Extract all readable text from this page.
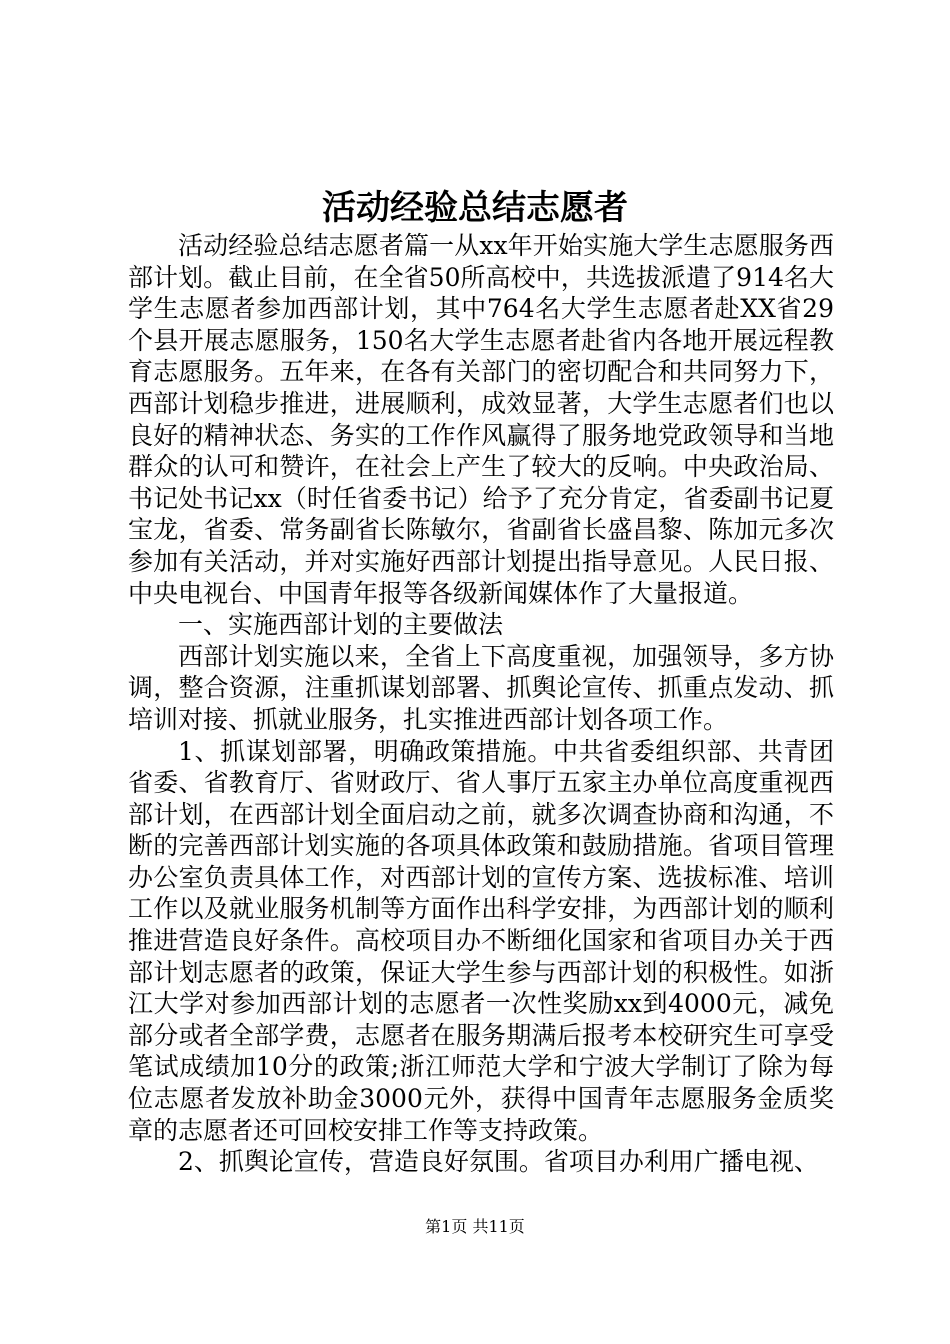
活动经验总结志愿者

活动经验总结志愿者篇一从xx年开始实施大学生志愿服务西部计划。截止目前，在全省50所高校中，共选拔派遣了914名大学生志愿者参加西部计划，其中764名大学生志愿者赴XX省29个县开展志愿服务，150名大学生志愿者赴省内各地开展远程教育志愿服务。五年来，在各有关部门的密切配合和共同努力下，西部计划稳步推进，进展顺利，成效显著，大学生志愿者们也以良好的精神状态、务实的工作作风赢得了服务地党政领导和当地群众的认可和赞许，在社会上产生了较大的反响。中央政治局、书记处书记xx（时任省委书记）给予了充分肯定，省委副书记夏宝龙，省委、常务副省长陈敏尔，省副省长盛昌黎、陈加元多次参加有关活动，并对实施好西部计划提出指导意见。人民日报、中央电视台、中国青年报等各级新闻媒体作了大量报道。

一、实施西部计划的主要做法

西部计划实施以来，全省上下高度重视，加强领导，多方协调，整合资源，注重抓谋划部署、抓舆论宣传、抓重点发动、抓培训对接、抓就业服务，扎实推进西部计划各项工作。

1、抓谋划部署，明确政策措施。中共省委组织部、共青团省委、省教育厅、省财政厅、省人事厅五家主办单位高度重视西部计划，在西部计划全面启动之前，就多次调查协商和沟通，不断的完善西部计划实施的各项具体政策和鼓励措施。省项目管理办公室负责具体工作，对西部计划的宣传方案、选拔标准、培训工作以及就业服务机制等方面作出科学安排，为西部计划的顺利推进营造良好条件。高校项目办不断细化国家和省项目办关于西部计划志愿者的政策，保证大学生参与西部计划的积极性。如浙江大学对参加西部计划的志愿者一次性奖励xx到4000元，减免部分或者全部学费，志愿者在服务期满后报考本校研究生可享受笔试成绩加10分的政策;浙江师范大学和宁波大学制订了除为每位志愿者发放补助金3000元外，获得中国青年志愿服务金质奖章的志愿者还可回校安排工作等支持政策。

2、抓舆论宣传，营造良好氛围。省项目办利用广播电视、

第1页 共11页
